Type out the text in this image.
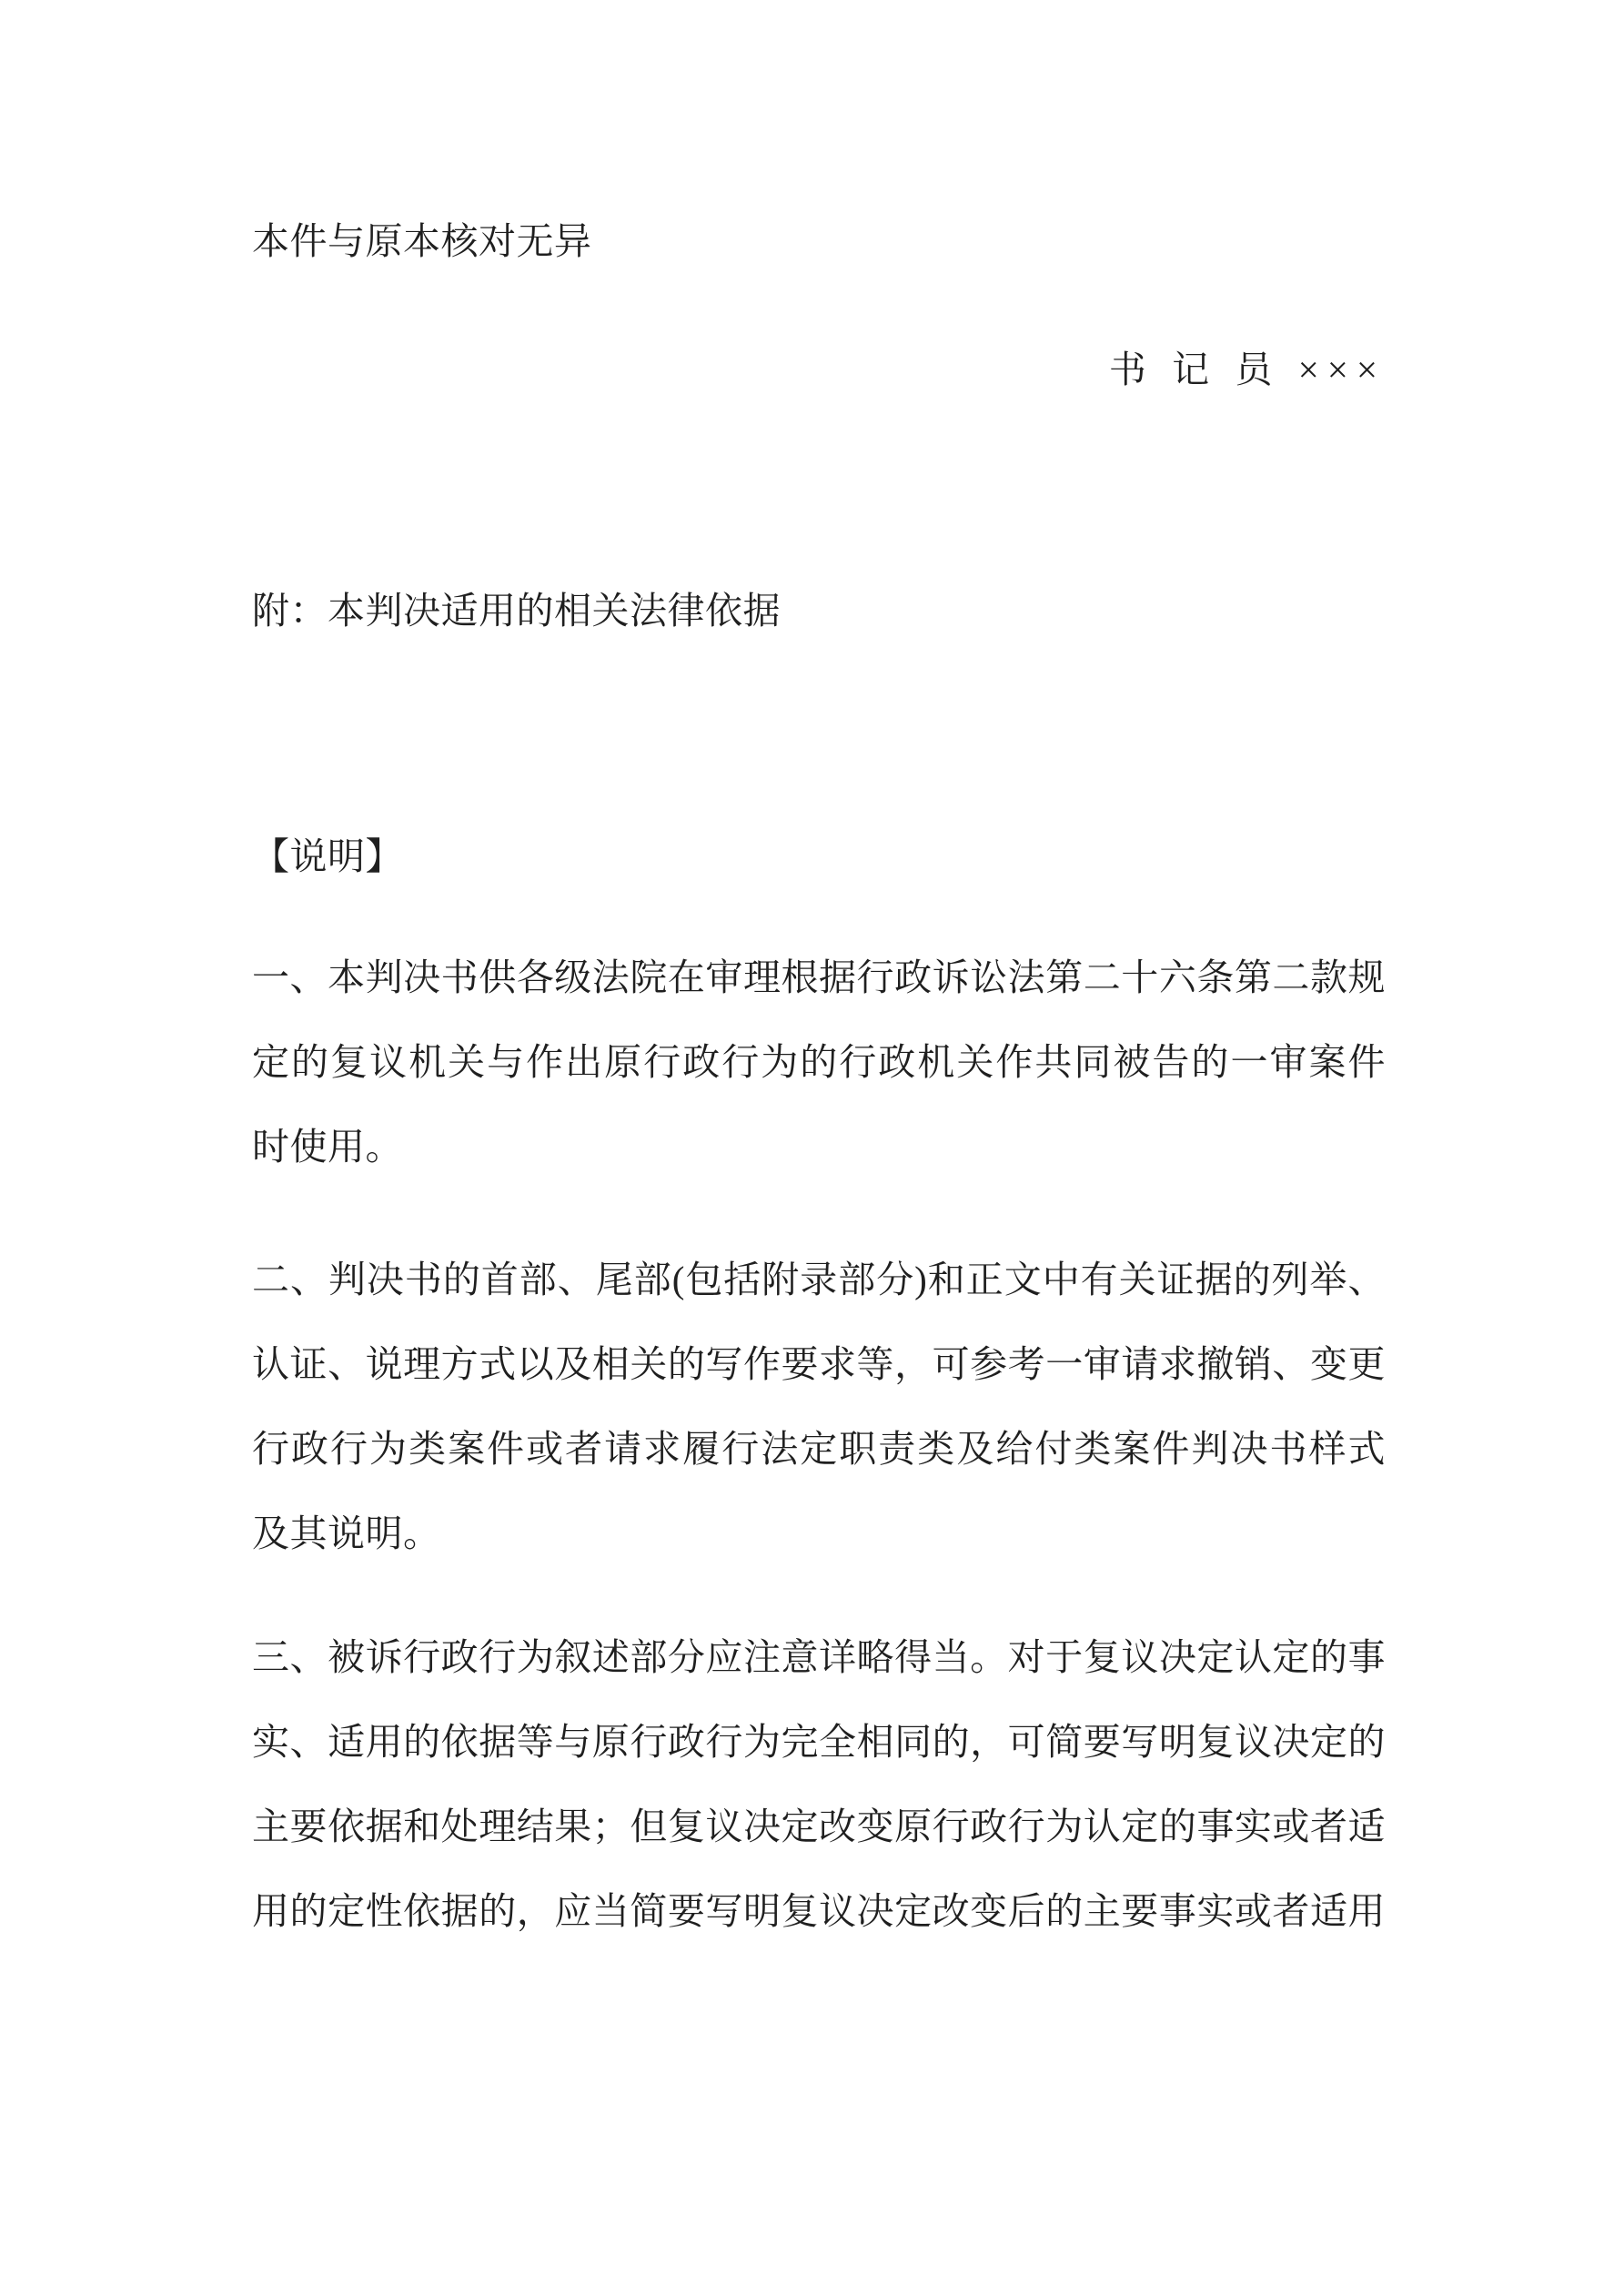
本件与原本核对无异
书 记 员 ×××
附：本判决适用的相关法律依据
【说明】
一、本判决书供各级法院在审理根据行政诉讼法第二十六条第二款规
定的复议机关与作出原行政行为的行政机关作共同被告的一审案件
时使用。
二、判决书的首部、尾部(包括附录部分)和正文中有关证据的列举、
认证、说理方式以及相关的写作要求等，可参考一审请求撤销、变更
行政行为类案件或者请求履行法定职责类及给付类案件判决书样式
及其说明。
三、被诉行政行为叙述部分应注意详略得当。对于复议决定认定的事
实、适用的依据等与原行政行为完全相同的，可简要写明复议决定的
主要依据和处理结果；但复议决定改变原行政行为认定的事实或者适
用的定性依据的，应当简要写明复议决定改变后的主要事实或者适用
